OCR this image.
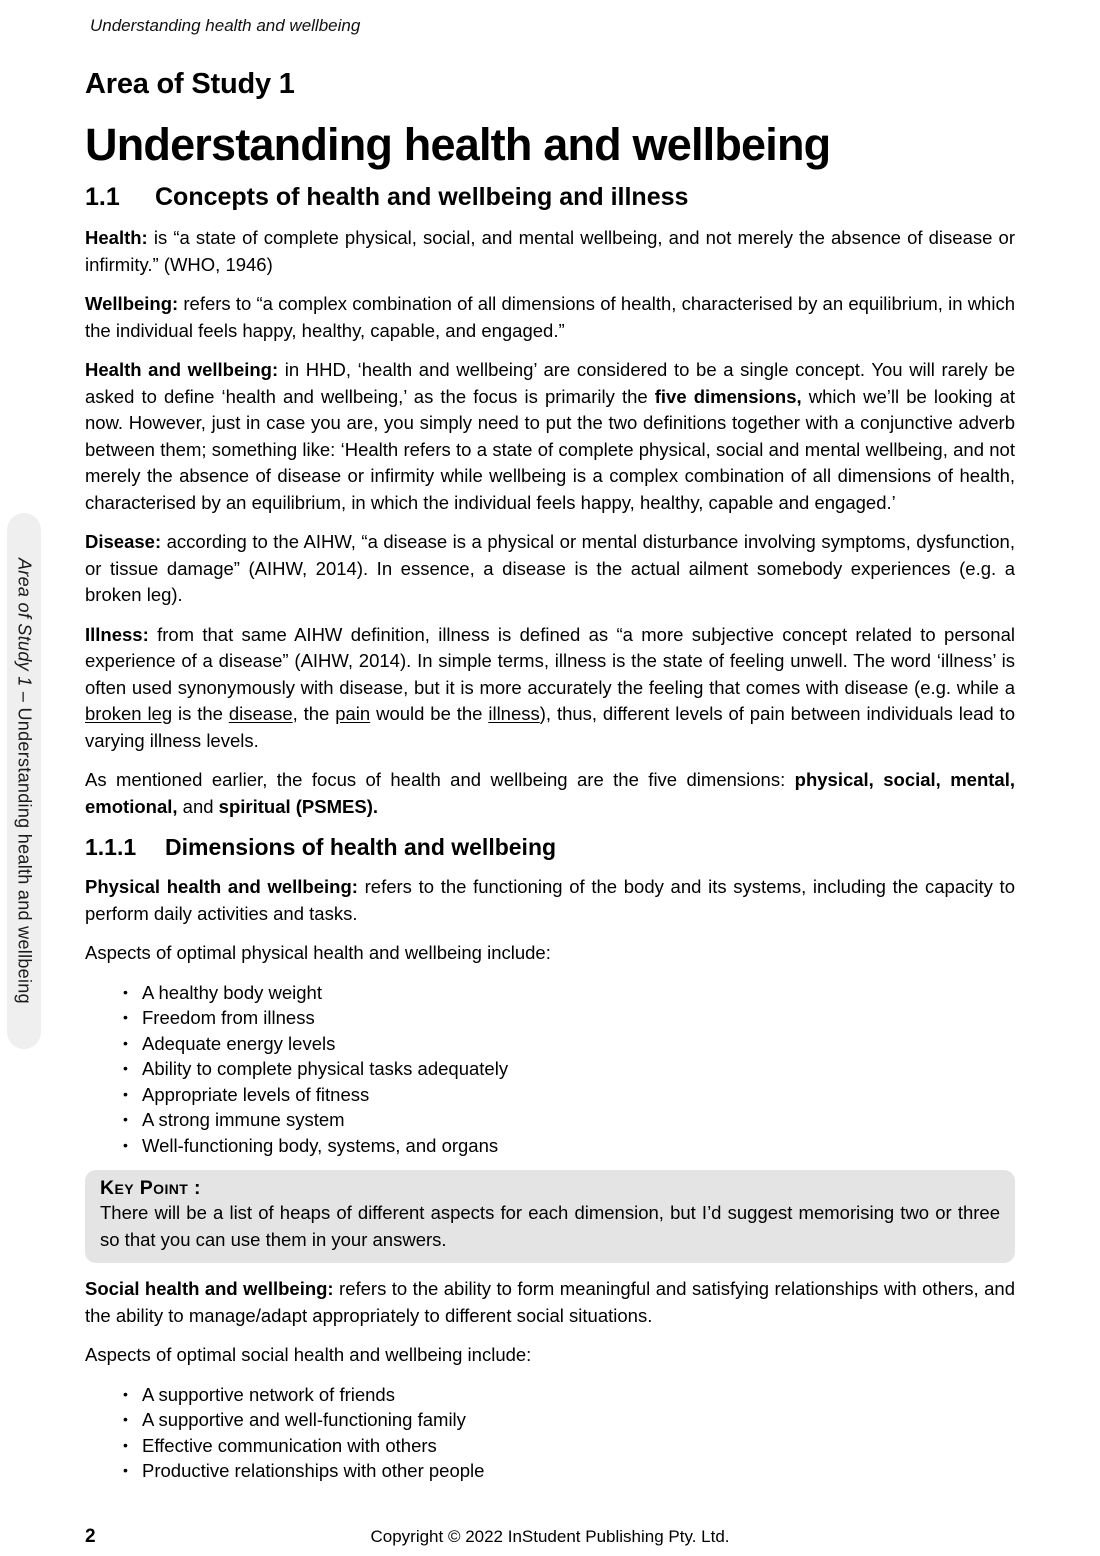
Understanding health and wellbeing
Area of Study 1 – Understanding health and wellbeing
Area of Study 1
Understanding health and wellbeing
1.1	Concepts of health and wellbeing and illness

Health: is “a state of complete physical, social, and mental wellbeing, and not merely the absence of disease or infirmity.” (WHO, 1946)

Wellbeing: refers to “a complex combination of all dimensions of health, characterised by an equilibrium, in which the individual feels happy, healthy, capable, and engaged.”

Health and wellbeing: in HHD, ‘health and wellbeing’ are considered to be a single concept. You will rarely be asked to define ‘health and wellbeing,’ as the focus is primarily the five dimensions, which we’ll be looking at now. However, just in case you are, you simply need to put the two definitions together with a conjunctive adverb between them; something like: ‘Health refers to a state of complete physical, social and mental wellbeing, and not merely the absence of disease or infirmity while wellbeing is a complex combination of all dimensions of health, characterised by an equilibrium, in which the individual feels happy, healthy, capable and engaged.’

Disease: according to the AIHW, “a disease is a physical or mental disturbance involving symptoms, dysfunction, or tissue damage” (AIHW, 2014). In essence, a disease is the actual ailment somebody experiences (e.g. a broken leg).

Illness: from that same AIHW definition, illness is defined as “a more subjective concept related to personal experience of a disease” (AIHW, 2014). In simple terms, illness is the state of feeling unwell. The word ‘illness’ is often used synonymously with disease, but it is more accurately the feeling that comes with disease (e.g. while a broken leg is the disease, the pain would be the illness), thus, different levels of pain between individuals lead to varying illness levels.

As mentioned earlier, the focus of health and wellbeing are the five dimensions: physical, social, mental, emotional, and spiritual (PSMES).

1.1.1	Dimensions of health and wellbeing

Physical health and wellbeing: refers to the functioning of the body and its systems, including the capacity to perform daily activities and tasks.

Aspects of optimal physical health and wellbeing include:

• A healthy body weight
• Freedom from illness
• Adequate energy levels
• Ability to complete physical tasks adequately
• Appropriate levels of fitness
• A strong immune system
• Well-functioning body, systems, and organs
Key Point :
There will be a list of heaps of different aspects for each dimension, but I’d suggest memorising two or three so that you can use them in your answers.

Social health and wellbeing: refers to the ability to form meaningful and satisfying relationships with others, and the ability to manage/adapt appropriately to different social situations.

Aspects of optimal social health and wellbeing include:

• A supportive network of friends
• A supportive and well-functioning family
• Effective communication with others
• Productive relationships with other people
2	Copyright © 2022 InStudent Publishing Pty. Ltd.
